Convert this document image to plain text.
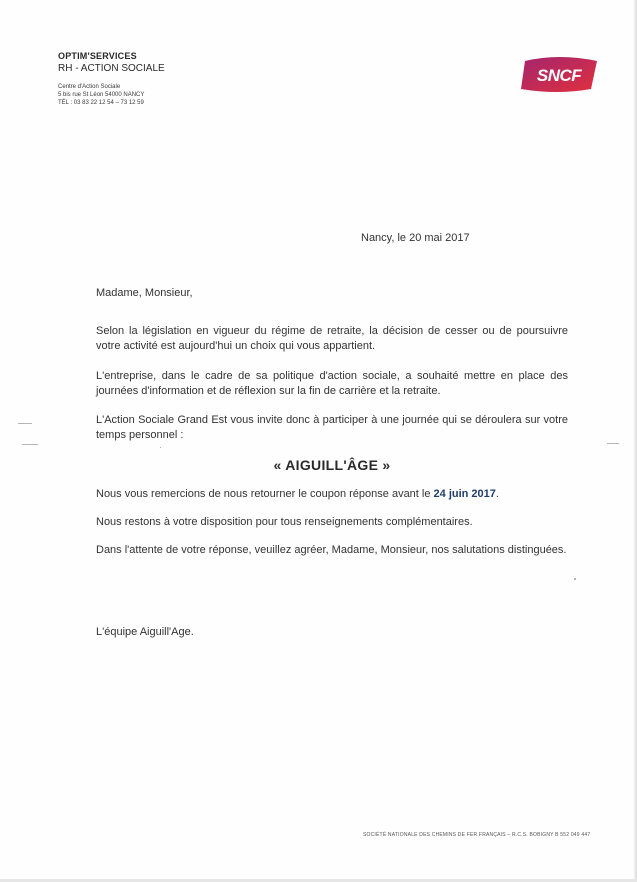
OPTIM'SERVICES
RH - ACTION SOCIALE
Centre d'Action Sociale
5 bis rue St Léon 54000 NANCY
TÉL : 03 83 22 12 54 – 73 12 59
SNCF
Nancy, le 20 mai 2017
Madame, Monsieur,
Selon la législation en vigueur du régime de retraite, la décision de cesser ou de poursuivre votre activité est aujourd'hui un choix qui vous appartient.
L'entreprise, dans le cadre de sa politique d'action sociale, a souhaité mettre en place des journées d'information et de réflexion sur la fin de carrière et la retraite.
L'Action Sociale Grand Est vous invite donc à participer à une journée qui se déroulera sur votre temps personnel :
« AIGUILL'ÂGE »
Nous vous remercions de nous retourner le coupon réponse avant le 24 juin 2017.
Nous restons à votre disposition pour tous renseignements complémentaires.
Dans l'attente de votre réponse, veuillez agréer, Madame, Monsieur, nos salutations distinguées.
L'équipe Aiguill'Age.
SOCIÉTÉ NATIONALE DES CHEMINS DE FER FRANÇAIS – R.C.S. BOBIGNY B 552 049 447
